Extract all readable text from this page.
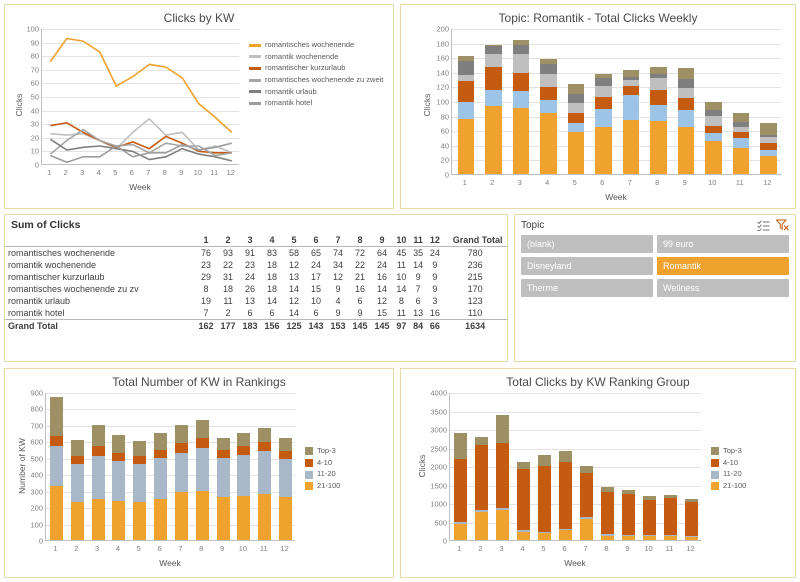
Clicks by KW
Clicks
0
10
20
30
40
50
60
70
80
90
100
1 2 3 4 5 6 7 8 9 10 11 12
Week
romantisches wochenende
romantik wochenende
romantischer kurzurlaub
romantisches wochenende zu zweit
romantik urlaub
romantik hotel
Topic: Romantik - Total Clicks Weekly
Clicks
0
20
40
60
80
100
120
140
160
180
200
1	2	3	4	5	6	7	8	9	10	11	12
Week
Sum of Clicks
	1	2	3	4	5	6	7	8	9	10	11	12	Grand Total
romantisches wochenende	76	93	91	83	58	65	74	72	64	45	35	24	780
romantik wochenende	23	22	23	18	12	24	34	22	24	11	14	9	236
romantischer kurzurlaub	29	31	24	18	13	17	12	21	16	10	9	9	215
romantisches wochenende zu zv	8	18	26	18	14	15	9	16	14	14	7	9	170
romantik urlaub	19	11	13	14	12	10	4	6	12	8	6	3	123
romantik hotel	7	2	6	6	14	6	9	9	15	11	13	16	110
Grand Total	162	177	183	156	125	143	153	145	145	97	84	66	1634
Topic
(blank)	99 euro
Disneyland	Romantik
Therme	Wellness
Total Number of KW in Rankings
Number of KW
0
100
200
300
400
500
600
700
800
900
1 2 3 4 5 6 7 8 9 10 11 12
Week
Top-3
4-10
11-20
21-100
Total Clicks by KW Ranking Group
Clicks
0
500
1000
1500
2000
2500
3000
3500
4000
1 2 3 4 5 6 7 8 9 10 11 12
Week
Top-3
4-10
11-20
21-100
